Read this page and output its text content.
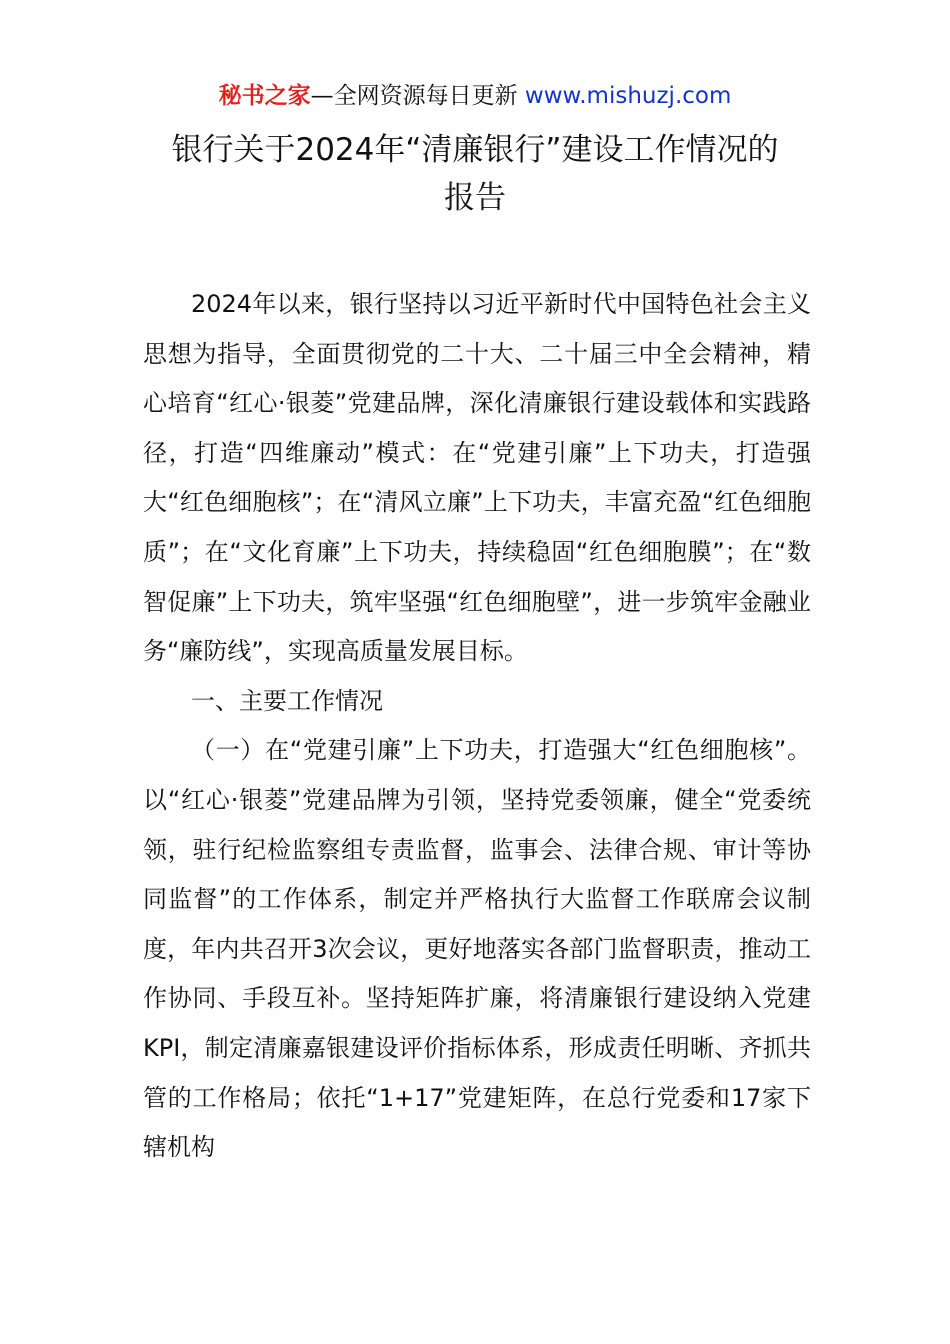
秘书之家—全网资源每日更新 www.mishuzj.com
银行关于2024年“清廉银行”建设工作情况的
报告

2024年以来，银行坚持以习近平新时代中国特色社会主义思想为指导，全面贯彻党的二十大、二十届三中全会精神，精心培育“红心·银菱”党建品牌，深化清廉银行建设载体和实践路径，打造“四维廉动”模式：在“党建引廉”上下功夫，打造强大“红色细胞核”；在“清风立廉”上下功夫，丰富充盈“红色细胞质”；在“文化育廉”上下功夫，持续稳固“红色细胞膜”；在“数智促廉”上下功夫，筑牢坚强“红色细胞壁”，进一步筑牢金融业务“廉防线”，实现高质量发展目标。

一、主要工作情况

（一）在“党建引廉”上下功夫，打造强大“红色细胞核”。以“红心·银菱”党建品牌为引领，坚持党委领廉，健全“党委统领，驻行纪检监察组专责监督，监事会、法律合规、审计等协同监督”的工作体系，制定并严格执行大监督工作联席会议制度，年内共召开3次会议，更好地落实各部门监督职责，推动工作协同、手段互补。坚持矩阵扩廉，将清廉银行建设纳入党建KPI，制定清廉嘉银建设评价指标体系，形成责任明晰、齐抓共管的工作格局；依托“1+17”党建矩阵，在总行党委和17家下辖机构
